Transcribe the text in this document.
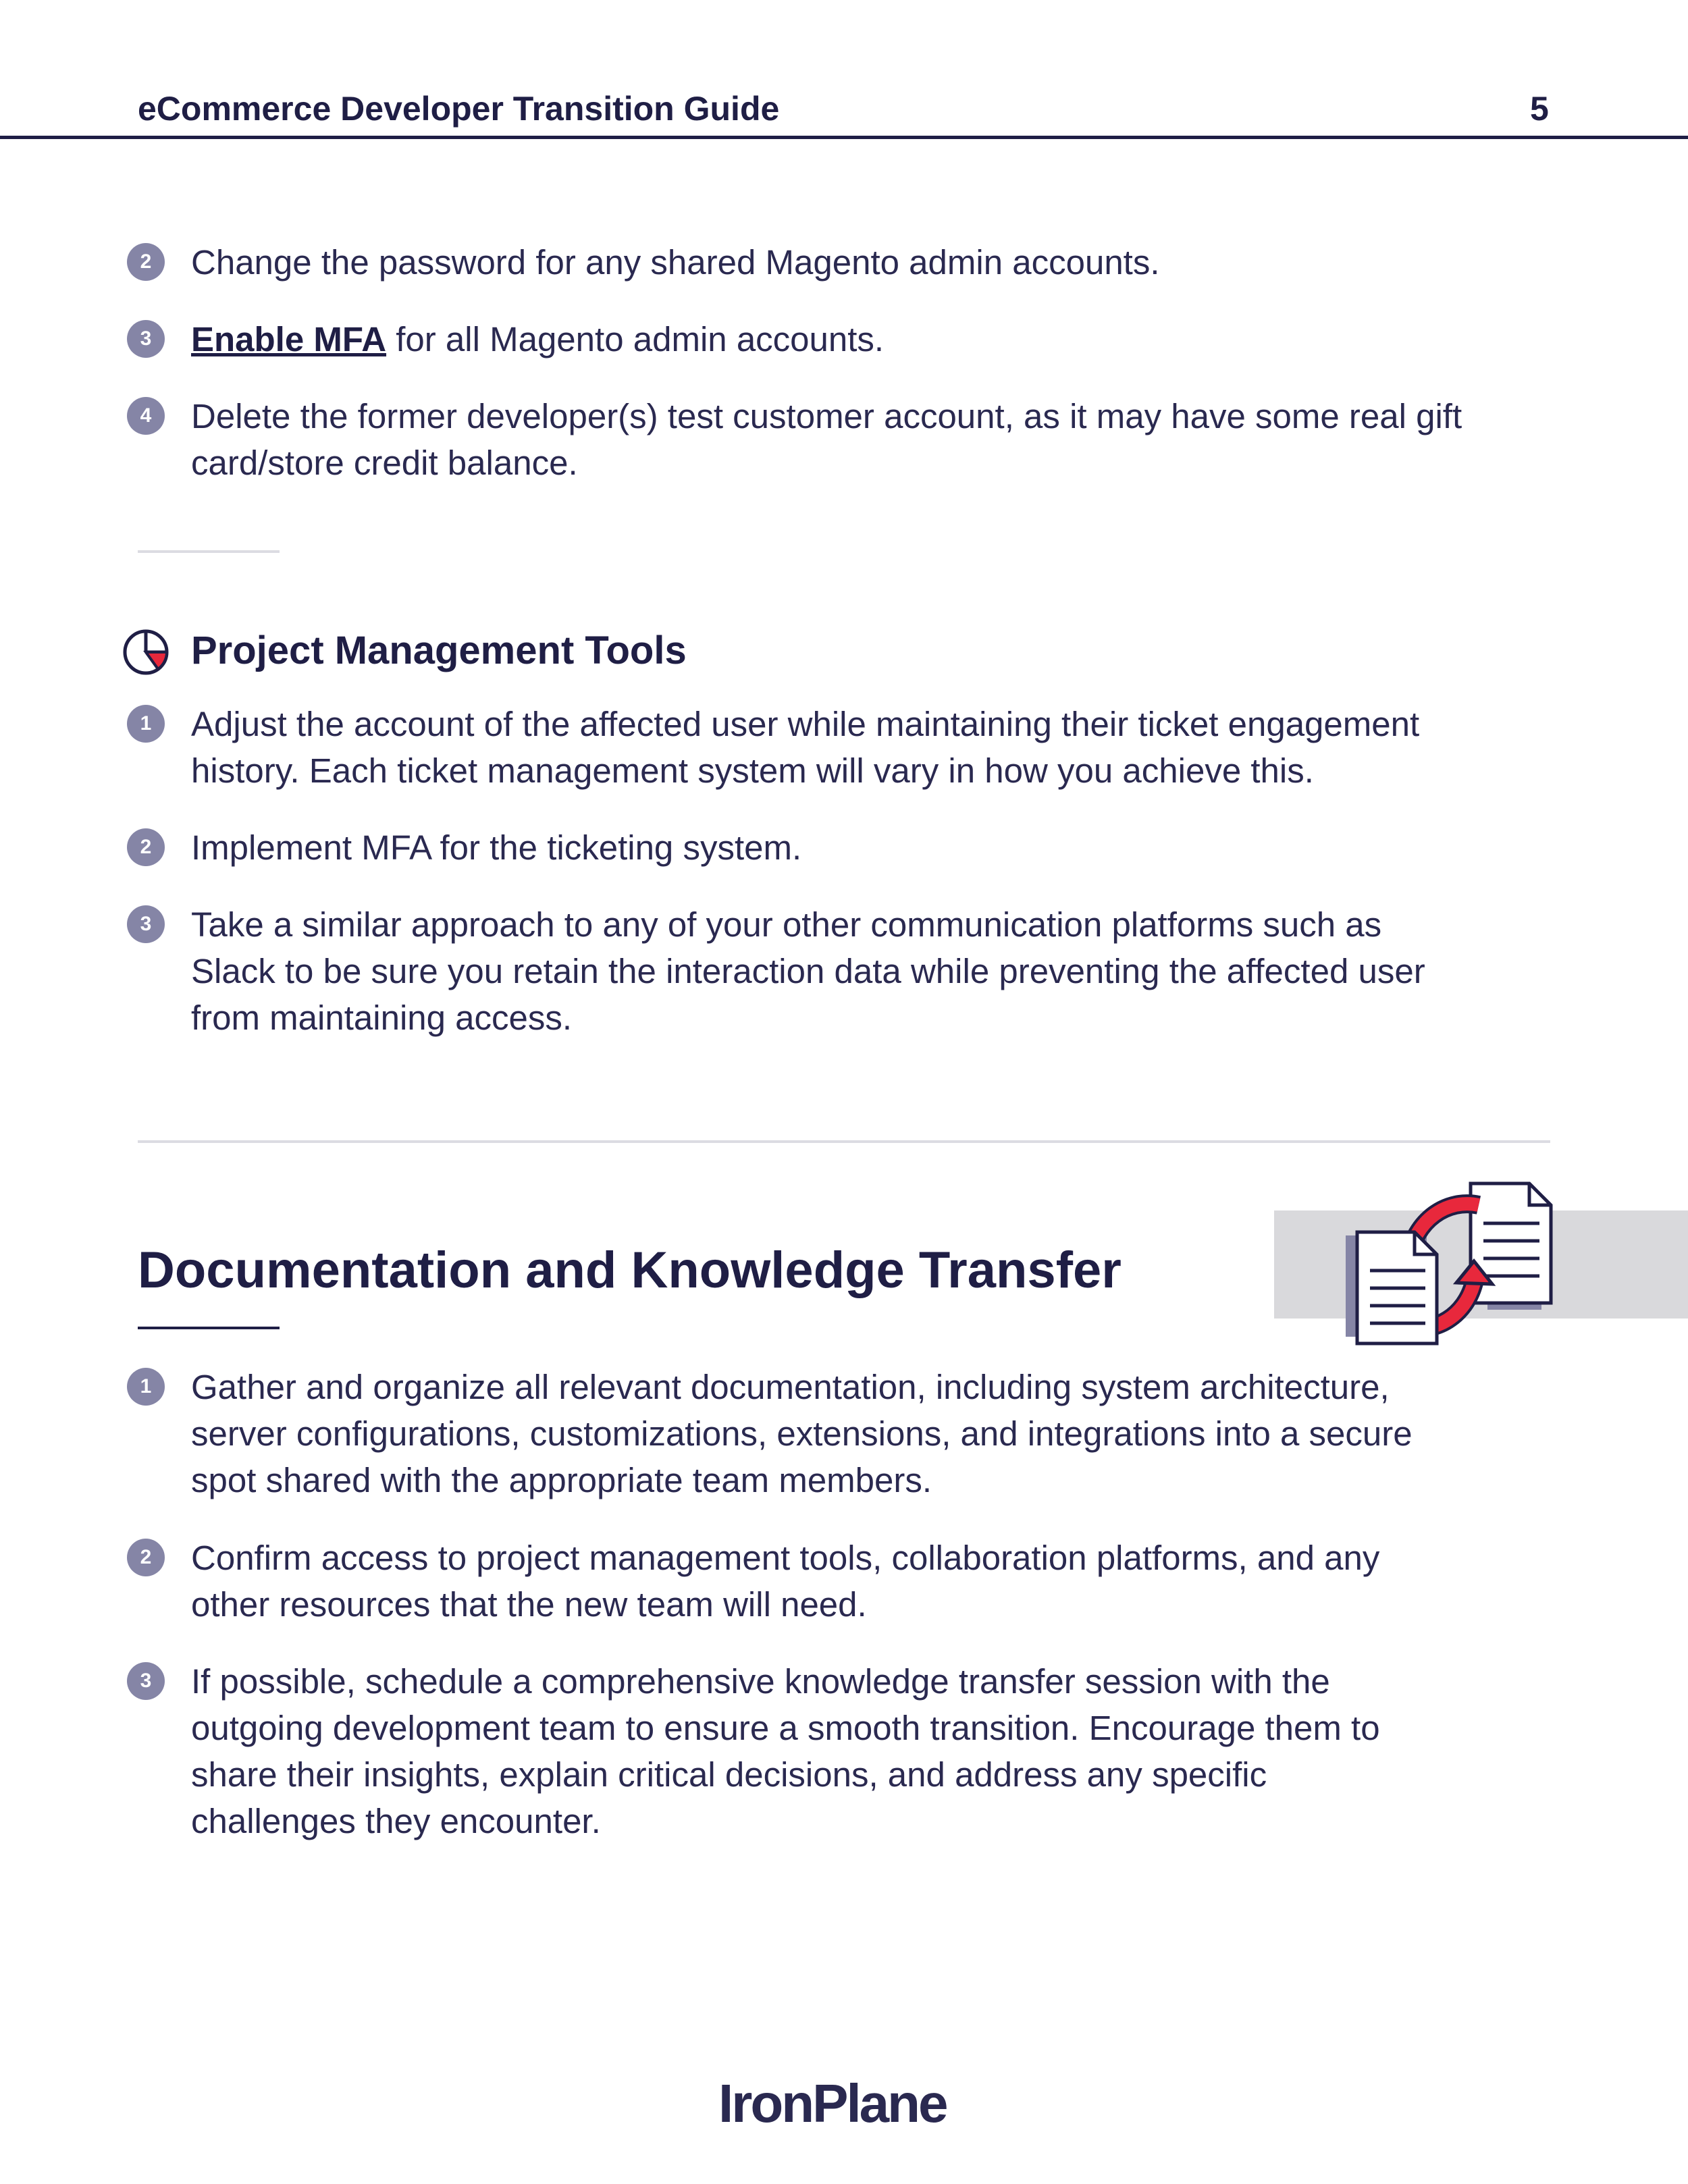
eCommerce Developer Transition Guide	5
2	Change the password for any shared Magento admin accounts.
3	Enable MFA for all Magento admin accounts.
4	Delete the former developer(s) test customer account, as it may have some real gift
card/store credit balance.
Project Management Tools
1	Adjust the account of the affected user while maintaining their ticket engagement
history. Each ticket management system will vary in how you achieve this.
2	Implement MFA for the ticketing system.
3	Take a similar approach to any of your other communication platforms such as
Slack to be sure you retain the interaction data while preventing the affected user
from maintaining access.
Documentation and Knowledge Transfer
1	Gather and organize all relevant documentation, including system architecture,
server configurations, customizations, extensions, and integrations into a secure
spot shared with the appropriate team members.
2	Confirm access to project management tools, collaboration platforms, and any
other resources that the new team will need.
3	If possible, schedule a comprehensive knowledge transfer session with the
outgoing development team to ensure a smooth transition. Encourage them to
share their insights, explain critical decisions, and address any specific
challenges they encounter.
IronPlane
